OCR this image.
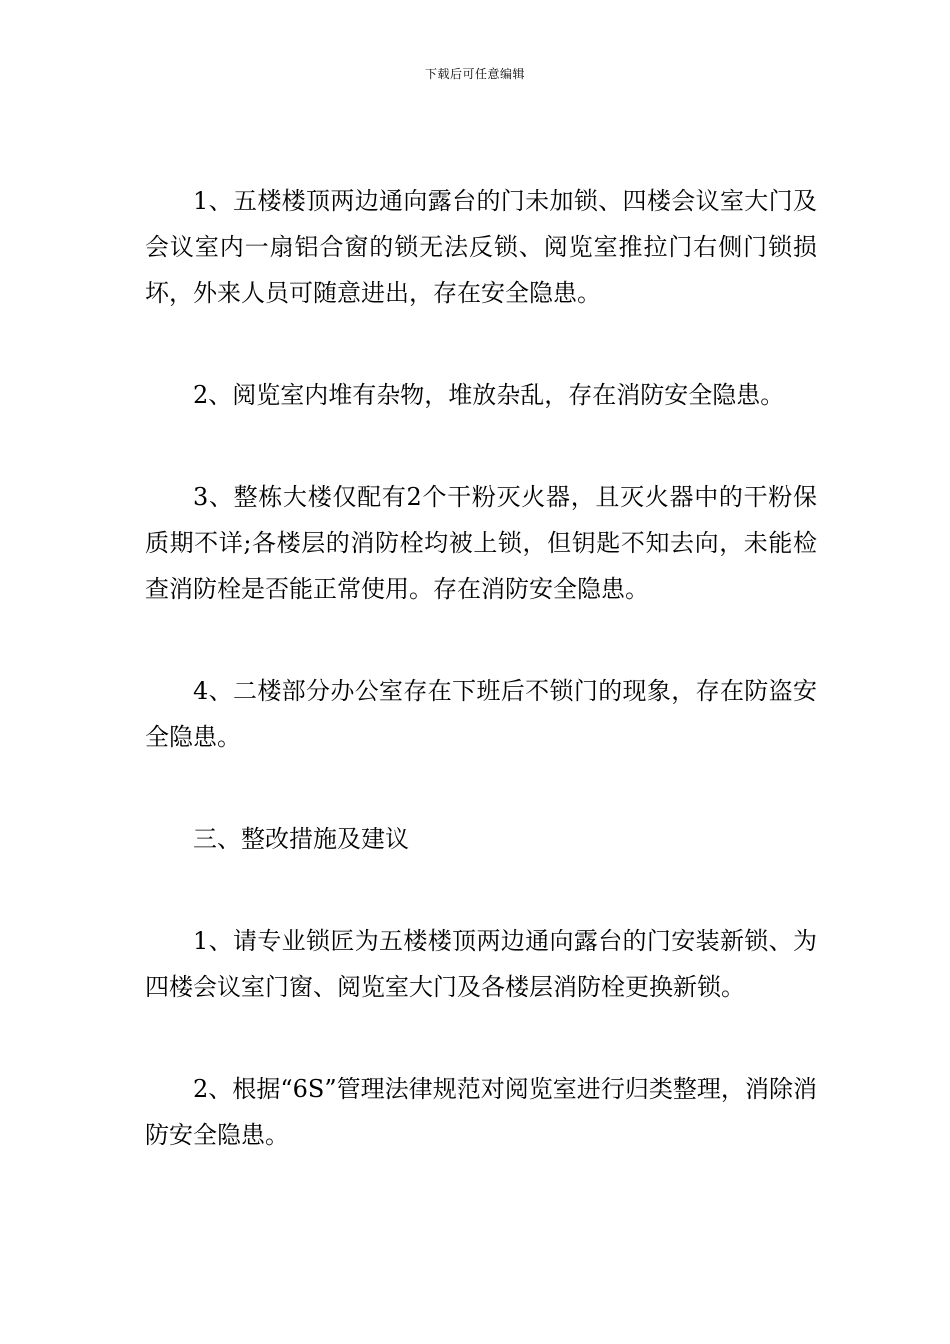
下载后可任意编辑

1、五楼楼顶两边通向露台的门未加锁、四楼会议室大门及会议室内一扇铝合窗的锁无法反锁、阅览室推拉门右侧门锁损坏，外来人员可随意进出，存在安全隐患。

2、阅览室内堆有杂物，堆放杂乱，存在消防安全隐患。

3、整栋大楼仅配有2个干粉灭火器，且灭火器中的干粉保质期不详;各楼层的消防栓均被上锁，但钥匙不知去向，未能检查消防栓是否能正常使用。存在消防安全隐患。

4、二楼部分办公室存在下班后不锁门的现象，存在防盗安全隐患。

三、整改措施及建议

1、请专业锁匠为五楼楼顶两边通向露台的门安装新锁、为四楼会议室门窗、阅览室大门及各楼层消防栓更换新锁。

2、根据“6S”管理法律规范对阅览室进行归类整理，消除消防安全隐患。
